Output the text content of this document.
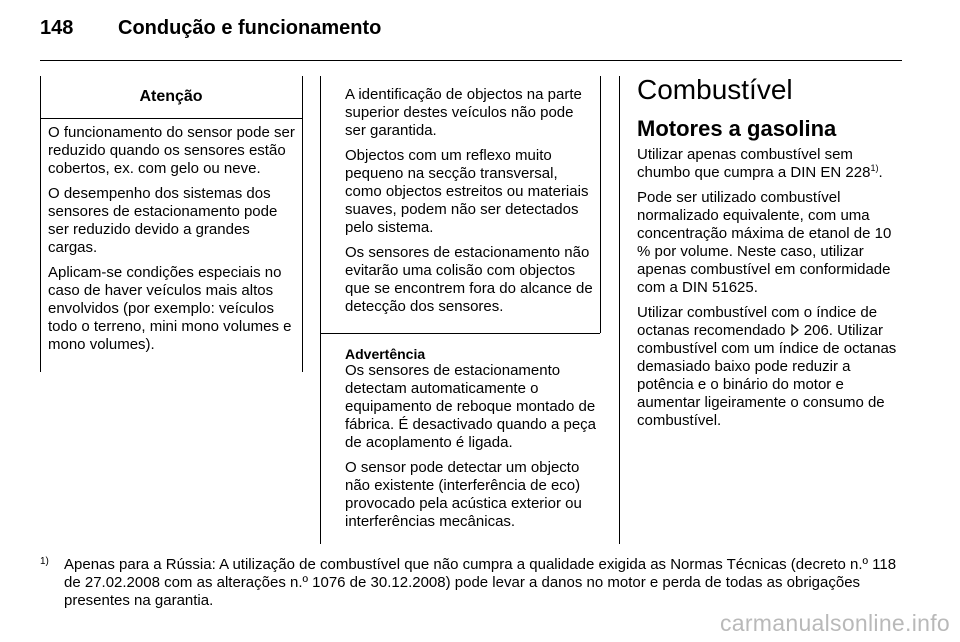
148 Condução e funcionamento
Atenção

O funcionamento do sensor pode ser reduzido quando os sensores estão cobertos, ex. com gelo ou neve.

O desempenho dos sistemas dos sensores de estacionamento pode ser reduzido devido a grandes cargas.

Aplicam-se condições especiais no caso de haver veículos mais altos envolvidos (por exemplo: veículos todo o terreno, mini mono volumes e mono volumes).

A identificação de objectos na parte superior destes veículos não pode ser garantida.

Objectos com um reflexo muito pequeno na secção transversal, como objectos estreitos ou materiais suaves, podem não ser detectados pelo sistema.

Os sensores de estacionamento não evitarão uma colisão com objectos que se encontrem fora do alcance de detecção dos sensores.

Advertência

Os sensores de estacionamento detectam automaticamente o equipamento de reboque montado de fábrica. É desactivado quando a peça de acoplamento é ligada.

O sensor pode detectar um objecto não existente (interferência de eco) provocado pela acústica exterior ou interferências mecânicas.

Combustível
Motores a gasolina

Utilizar apenas combustível sem chumbo que cumpra a DIN EN 228$^{1)}$.

Pode ser utilizado combustível normalizado equivalente, com uma concentração máxima de etanol de 10 % por volume. Neste caso, utilizar apenas combustível em conformidade com a DIN 51625.

Utilizar combustível com o índice de octanas recomendado  206. Utilizar combustível com um índice de octanas demasiado baixo pode reduzir a potência e o binário do motor e aumentar ligeiramente o consumo de combustível.

1) Apenas para a Rússia: A utilização de combustível que não cumpra a qualidade exigida as Normas Técnicas (decreto n.º 118 de 27.02.2008 com as alterações n.º 1076 de 30.12.2008) pode levar a danos no motor e perda de todas as obrigações presentes na garantia.
carmanualsonline.info
